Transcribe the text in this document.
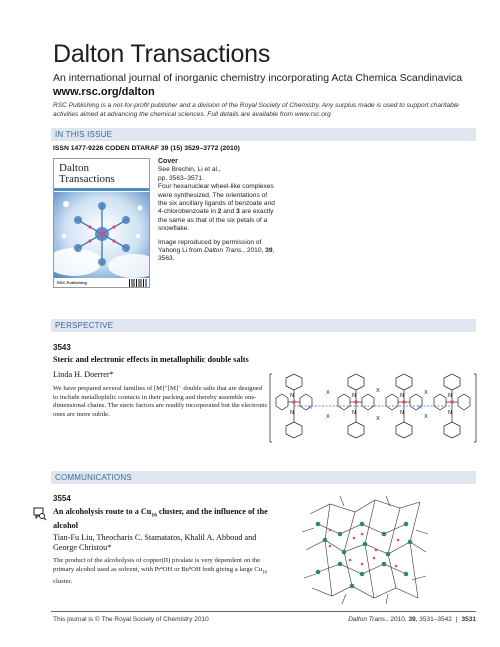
Dalton Transactions
An international journal of inorganic chemistry incorporating Acta Chemica Scandinavica
www.rsc.org/dalton
RSC Publishing is a not-for-profit publisher and a division of the Royal Society of Chemistry. Any surplus made is used to support charitable activities aimed at advancing the chemical sciences. Full details are available from www.rsc.org
IN THIS ISSUE
ISSN 1477-9226 CODEN DTARAF 39 (15) 3529–3772 (2010)
Dalton
Transactions
RSC Publishing

Cover
See Brechin, Li et al.,
pp. 3563–3571.
Four hexanuclear wheel-like complexes were synthesized. The orientations of the six ancillary ligands of benzoate and 4-chlorobenzoate in 2 and 3 are exactly the same as that of the six petals of a snowflake.

Image reproduced by permission of Yahong Li from Dalton Trans., 2010, 39, 3563.

PERSPECTIVE
3543
Steric and electronic effects in metallophilic double salts
Linda H. Doerrer*
We have prepared several families of [M]⁺[M]⁻ double salts that are designed to include metallophilic contacts in their packing and thereby assemble one-dimensional chains. The steric factors are readily incorporated but the electronic ones are more subtle.
N
N
N
N
N
N
N
N
X
X
X
X
X
X
M	M
COMMUNICATIONS
3554
An alcoholysis route to a $Cu_{16}$ cluster, and the influence of the alcohol
Tian-Fu Liu, Theocharis C. Stamatatos, Khalil A. Abboud and George Christou*
The product of the alcoholysis of copper(II) pivalate is very dependent on the primary alcohol used as solvent, with PrⁿOH or BuⁿOH both giving a large $Cu_{16}$ cluster.
This journal is © The Royal Society of Chemistry 2010	Dalton Trans., 2010, 39, 3531–3542 | 3531
